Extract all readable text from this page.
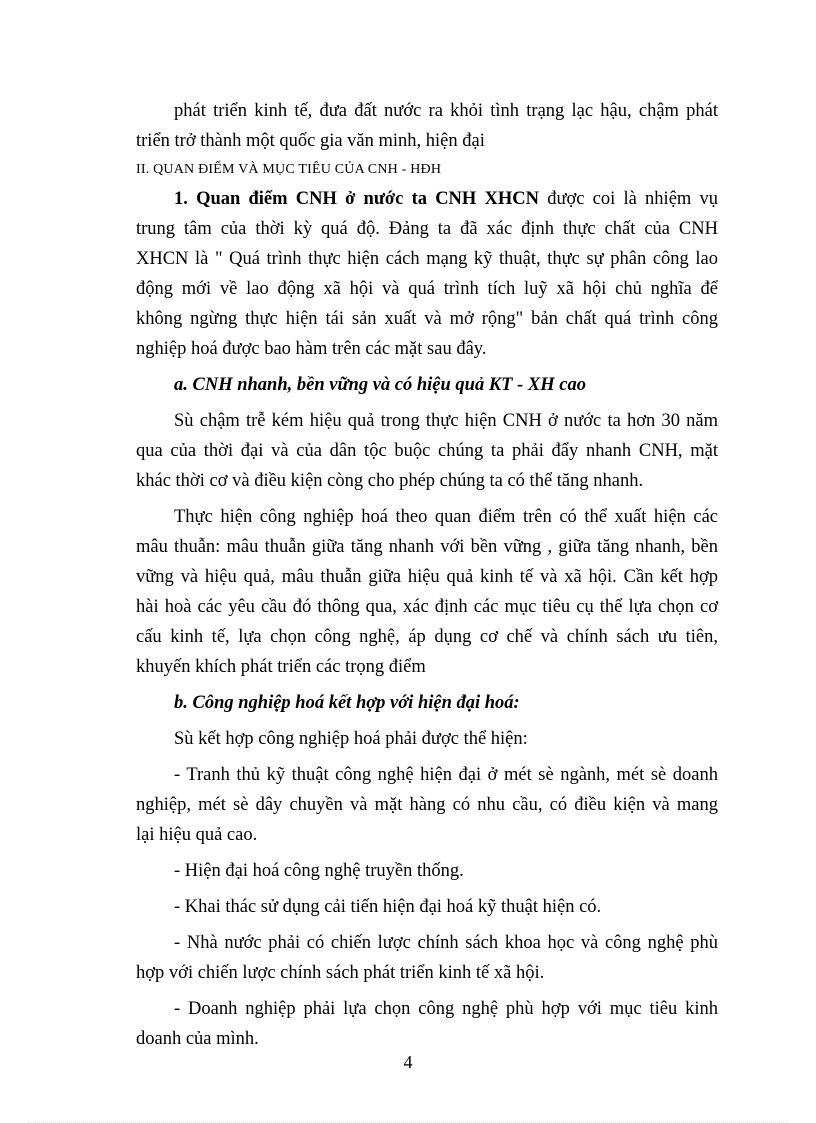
phát triển kinh tế, đưa đất nước ra khỏi tình trạng lạc hậu, chậm phát
triển trở thành một quốc gia văn minh, hiện đại
II. QUAN ĐIỂM VÀ MỤC TIÊU CỦA CNH - HĐH
1. Quan điểm CNH ở nước ta CNH XHCN được coi là nhiệm vụ
trung tâm của thời kỳ quá độ. Đảng ta đã xác định thực chất của CNH
XHCN là " Quá trình thực hiện cách mạng kỹ thuật, thực sự phân công lao
động mới về lao động xã hội và quá trình tích luỹ xã hội chủ nghĩa để
không ngừng thực hiện tái sản xuất và mở rộng" bản chất quá trình công
nghiệp hoá được bao hàm trên các mặt sau đây.
a. CNH nhanh, bền vững và có hiệu quả KT - XH cao
Sù chậm trễ kém hiệu quả trong thực hiện CNH ở nước ta hơn 30 năm
qua của thời đại và của dân tộc buộc chúng ta phải đẩy nhanh CNH, mặt
khác thời cơ và điều kiện còng cho phép chúng ta có thể tăng nhanh.
Thực hiện công nghiệp hoá theo quan điểm trên có thể xuất hiện các
mâu thuẫn: mâu thuẫn giữa tăng nhanh với bền vững , giữa tăng nhanh, bền
vững và hiệu quả, mâu thuẫn giữa hiệu quả kinh tế và xã hội. Cần kết hợp
hài hoà các yêu cầu đó thông qua, xác định các mục tiêu cụ thể lựa chọn cơ
cấu kinh tế, lựa chọn công nghệ, áp dụng cơ chế và chính sách ưu tiên,
khuyến khích phát triển các trọng điểm
b. Công nghiệp hoá kết hợp với hiện đại hoá:
Sù kết hợp công nghiệp hoá phải được thể hiện:
- Tranh thủ kỹ thuật công nghệ hiện đại ở mét sè ngành, mét sè doanh
nghiệp, mét sè dây chuyền và mặt hàng có nhu cầu, có điều kiện và mang
lại hiệu quả cao.
- Hiện đại hoá công nghệ truyền thống.
- Khai thác sử dụng cải tiến hiện đại hoá kỹ thuật hiện có.
- Nhà nước phải có chiến lược chính sách khoa học và công nghệ phù
hợp với chiến lược chính sách phát triển kinh tế xã hội.
- Doanh nghiệp phải lựa chọn công nghệ phù hợp với mục tiêu kinh
doanh của mình.
4
